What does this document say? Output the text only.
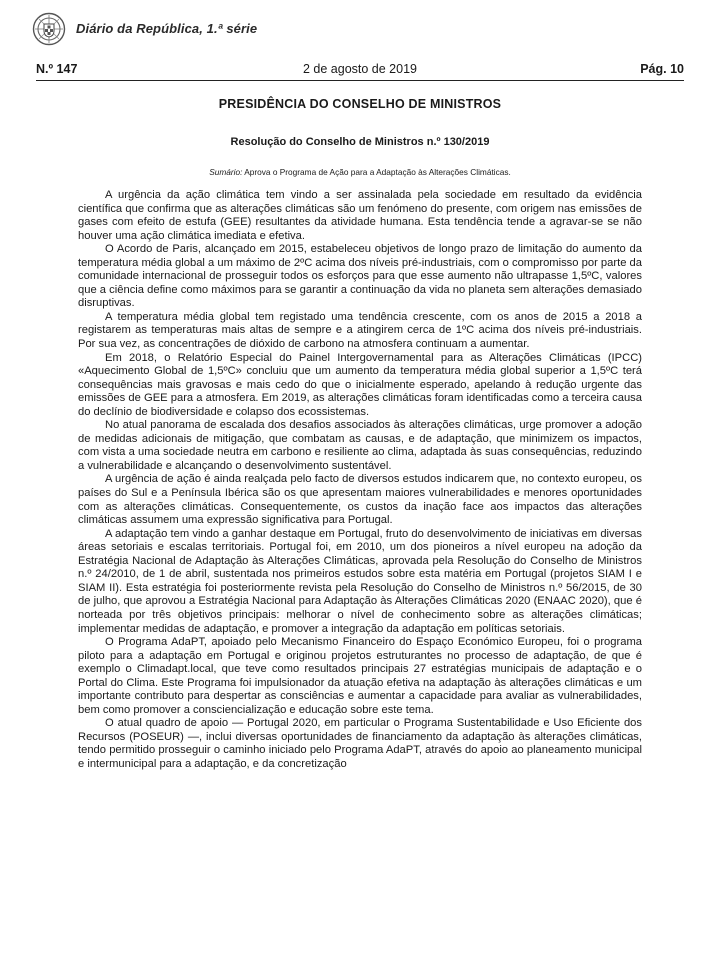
Diário da República, 1.ª série
N.º 147	2 de agosto de 2019	Pág. 10
PRESIDÊNCIA DO CONSELHO DE MINISTROS
Resolução do Conselho de Ministros n.º 130/2019
Sumário: Aprova o Programa de Ação para a Adaptação às Alterações Climáticas.

A urgência da ação climática tem vindo a ser assinalada pela sociedade em resultado da evidência científica que confirma que as alterações climáticas são um fenómeno do presente, com origem nas emissões de gases com efeito de estufa (GEE) resultantes da atividade humana. Esta tendência tende a agravar-se se não houver uma ação climática imediata e efetiva.

O Acordo de Paris, alcançado em 2015, estabeleceu objetivos de longo prazo de limitação do aumento da temperatura média global a um máximo de 2ºC acima dos níveis pré-industriais, com o compromisso por parte da comunidade internacional de prosseguir todos os esforços para que esse aumento não ultrapasse 1,5ºC, valores que a ciência define como máximos para se garantir a continuação da vida no planeta sem alterações demasiado disruptivas.

A temperatura média global tem registado uma tendência crescente, com os anos de 2015 a 2018 a registarem as temperaturas mais altas de sempre e a atingirem cerca de 1ºC acima dos níveis pré-industriais. Por sua vez, as concentrações de dióxido de carbono na atmosfera continuam a aumentar.

Em 2018, o Relatório Especial do Painel Intergovernamental para as Alterações Climáticas (IPCC) «Aquecimento Global de 1,5ºC» concluiu que um aumento da temperatura média global superior a 1,5ºC terá consequências mais gravosas e mais cedo do que o inicialmente esperado, apelando à redução urgente das emissões de GEE para a atmosfera. Em 2019, as alterações climáticas foram identificadas como a terceira causa do declínio de biodiversidade e colapso dos ecossistemas.

No atual panorama de escalada dos desafios associados às alterações climáticas, urge promover a adoção de medidas adicionais de mitigação, que combatam as causas, e de adaptação, que minimizem os impactos, com vista a uma sociedade neutra em carbono e resiliente ao clima, adaptada às suas consequências, reduzindo a vulnerabilidade e alcançando o desenvolvimento sustentável.

A urgência de ação é ainda realçada pelo facto de diversos estudos indicarem que, no contexto europeu, os países do Sul e a Península Ibérica são os que apresentam maiores vulnerabilidades e menores oportunidades com as alterações climáticas. Consequentemente, os custos da inação face aos impactos das alterações climáticas assumem uma expressão significativa para Portugal.

A adaptação tem vindo a ganhar destaque em Portugal, fruto do desenvolvimento de iniciativas em diversas áreas setoriais e escalas territoriais. Portugal foi, em 2010, um dos pioneiros a nível europeu na adoção da Estratégia Nacional de Adaptação às Alterações Climáticas, aprovada pela Resolução do Conselho de Ministros n.º 24/2010, de 1 de abril, sustentada nos primeiros estudos sobre esta matéria em Portugal (projetos SIAM I e SIAM II). Esta estratégia foi posteriormente revista pela Resolução do Conselho de Ministros n.º 56/2015, de 30 de julho, que aprovou a Estratégia Nacional para Adaptação às Alterações Climáticas 2020 (ENAAC 2020), que é norteada por três objetivos principais: melhorar o nível de conhecimento sobre as alterações climáticas; implementar medidas de adaptação, e promover a integração da adaptação em políticas setoriais.

O Programa AdaPT, apoiado pelo Mecanismo Financeiro do Espaço Económico Europeu, foi o programa piloto para a adaptação em Portugal e originou projetos estruturantes no processo de adaptação, de que é exemplo o Climadapt.local, que teve como resultados principais 27 estratégias municipais de adaptação e o Portal do Clima. Este Programa foi impulsionador da atuação efetiva na adaptação às alterações climáticas e um importante contributo para despertar as consciências e aumentar a capacidade para avaliar as vulnerabilidades, bem como promover a consciencialização e educação sobre este tema.

O atual quadro de apoio — Portugal 2020, em particular o Programa Sustentabilidade e Uso Eficiente dos Recursos (POSEUR) —, inclui diversas oportunidades de financiamento da adaptação às alterações climáticas, tendo permitido prosseguir o caminho iniciado pelo Programa AdaPT, através do apoio ao planeamento municipal e intermunicipal para a adaptação, e da concretização
